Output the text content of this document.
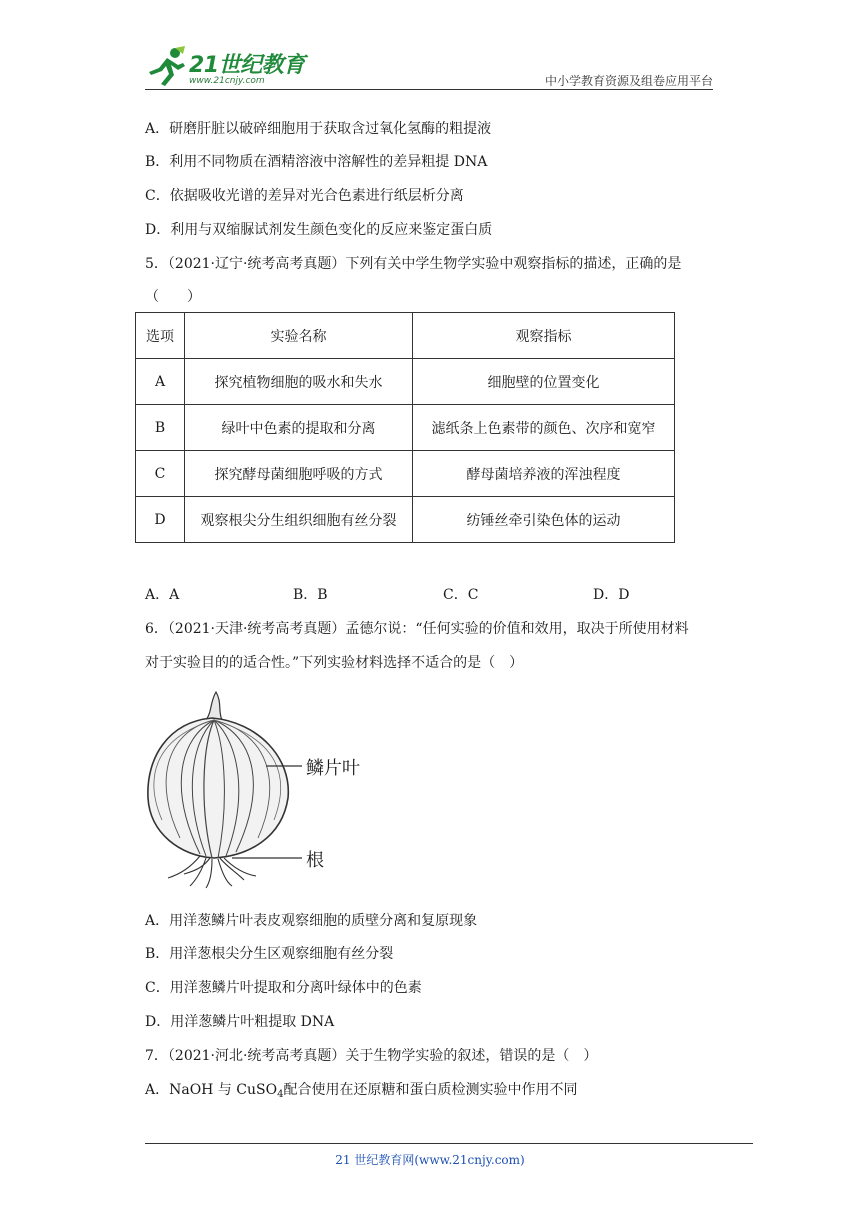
21世纪教育
www.21cnjy.com	中小学教育资源及组卷应用平台
A．研磨肝脏以破碎细胞用于获取含过氧化氢酶的粗提液
B．利用不同物质在酒精溶液中溶解性的差异粗提 DNA
C．依据吸收光谱的差异对光合色素进行纸层析分离
D．利用与双缩脲试剂发生颜色变化的反应来鉴定蛋白质
5．（2021·辽宁·统考高考真题）下列有关中学生物学实验中观察指标的描述，正确的是
（　　）
选项	实验名称	观察指标
A	探究植物细胞的吸水和失水	细胞壁的位置变化
B	绿叶中色素的提取和分离	滤纸条上色素带的颜色、次序和宽窄
C	探究酵母菌细胞呼吸的方式	酵母菌培养液的浑浊程度
D	观察根尖分生组织细胞有丝分裂	纺锤丝牵引染色体的运动
A．A	B．B	C．C	D．D
6．（2021·天津·统考高考真题）孟德尔说：“任何实验的价值和效用，取决于所使用材料
对于实验目的的适合性。”下列实验材料选择不适合的是（　）
鳞片叶
根
A．用洋葱鳞片叶表皮观察细胞的质壁分离和复原现象
B．用洋葱根尖分生区观察细胞有丝分裂
C．用洋葱鳞片叶提取和分离叶绿体中的色素
D．用洋葱鳞片叶粗提取 DNA
7．（2021·河北·统考高考真题）关于生物学实验的叙述，错误的是（　）
A．NaOH 与 CuSO$_4$配合使用在还原糖和蛋白质检测实验中作用不同
21 世纪教育网(www.21cnjy.com)
